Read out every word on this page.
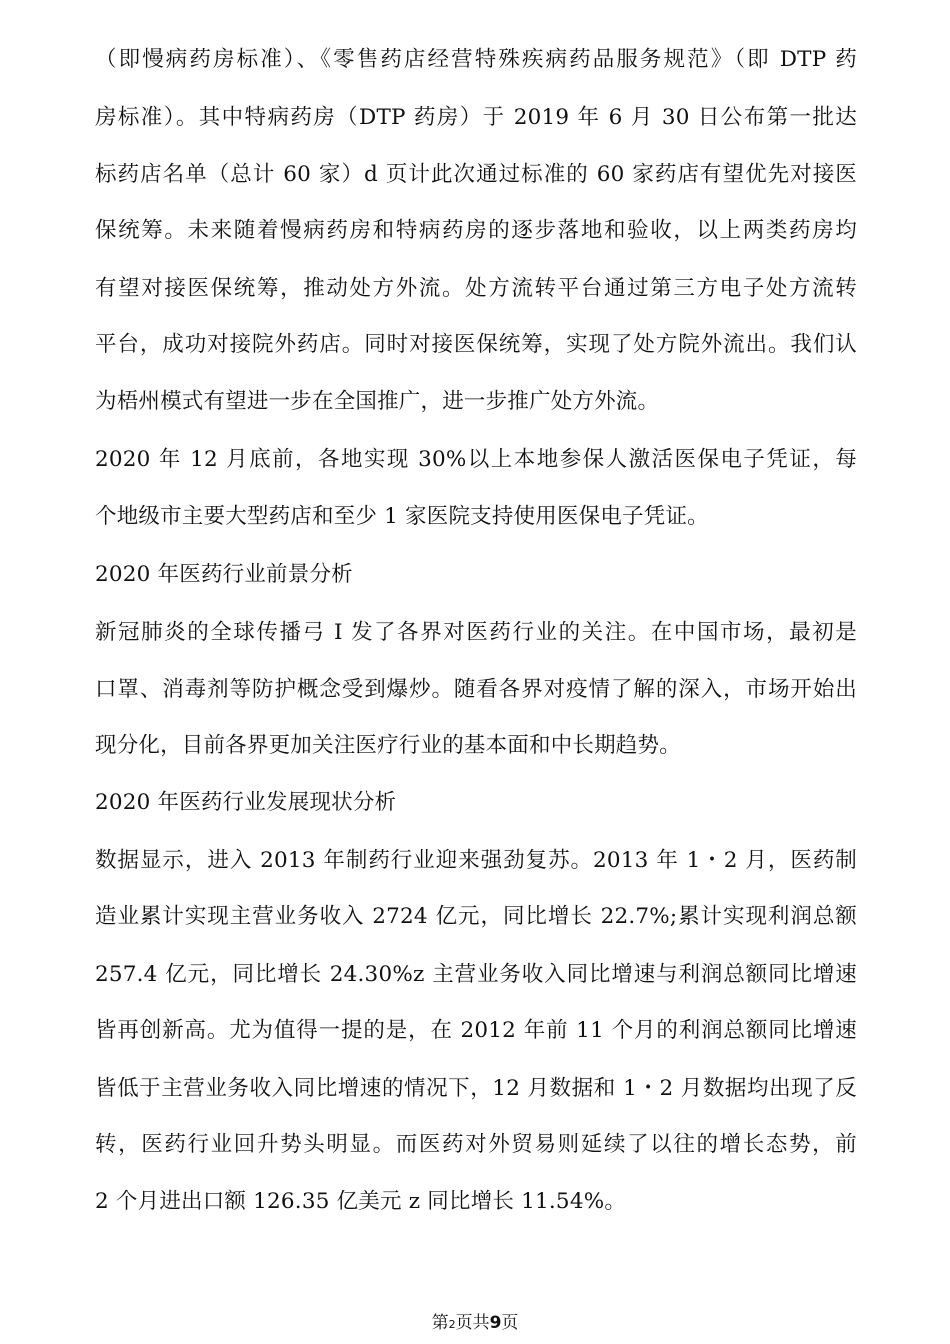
（即慢病药房标准）、《零售药店经营特殊疾病药品服务规范》（即 DTP 药
房标准）。其中特病药房（DTP 药房）于 2019 年 6 月 30 日公布第一批达
标药店名单（总计 60 家）d 页计此次通过标准的 60 家药店有望优先对接医
保统筹。未来随着慢病药房和特病药房的逐步落地和验收，以上两类药房均
有望对接医保统筹，推动处方外流。处方流转平台通过第三方电子处方流转
平台，成功对接院外药店。同时对接医保统筹，实现了处方院外流出。我们认
为梧州模式有望进一步在全国推广，进一步推广处方外流。
2020 年 12 月底前，各地实现 30%以上本地参保人激活医保电子凭证，每
个地级市主要大型药店和至少 1 家医院支持使用医保电子凭证。
2020 年医药行业前景分析
新冠肺炎的全球传播弓 I 发了各界对医药行业的关注。在中国市场，最初是
口罩、消毒剂等防护概念受到爆炒。随看各界对疫情了解的深入，市场开始出
现分化，目前各界更加关注医疗行业的基本面和中长期趋势。
2020 年医药行业发展现状分析
数据显示，进入 2013 年制药行业迎来强劲复苏。2013 年 1・2 月，医药制
造业累计实现主营业务收入 2724 亿元，同比增长 22.7%;累计实现利润总额
257.4 亿元，同比增长 24.30%z 主营业务收入同比增速与利润总额同比增速
皆再创新高。尤为值得一提的是，在 2012 年前 11 个月的利润总额同比增速
皆低于主营业务收入同比增速的情况下，12 月数据和 1・2 月数据均出现了反
转，医药行业回升势头明显。而医药对外贸易则延续了以往的增长态势，前
2 个月进出口额 126.35 亿美元 z 同比增长 11.54%。
第2页共9页
